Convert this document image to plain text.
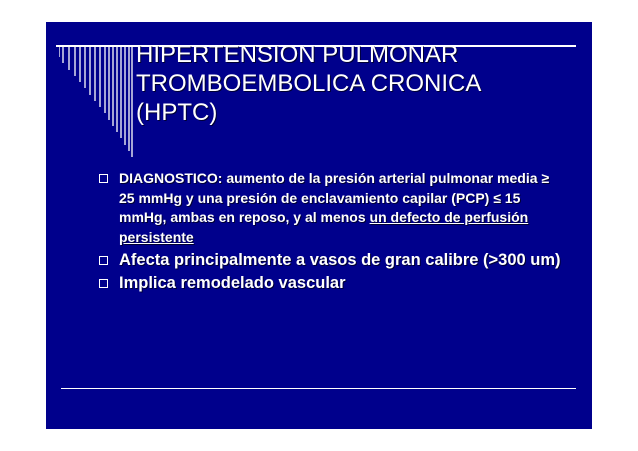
HIPERTENSION PULMONAR
TROMBOEMBOLICA CRONICA
(HPTC)
DIAGNOSTICO: aumento de la presión arterial pulmonar media ≥ 25 mmHg y una presión de enclavamiento capilar (PCP) ≤ 15 mmHg, ambas en reposo, y al menos un defecto de perfusión persistente
Afecta principalmente a vasos de gran calibre (>300 um)
Implica remodelado vascular
